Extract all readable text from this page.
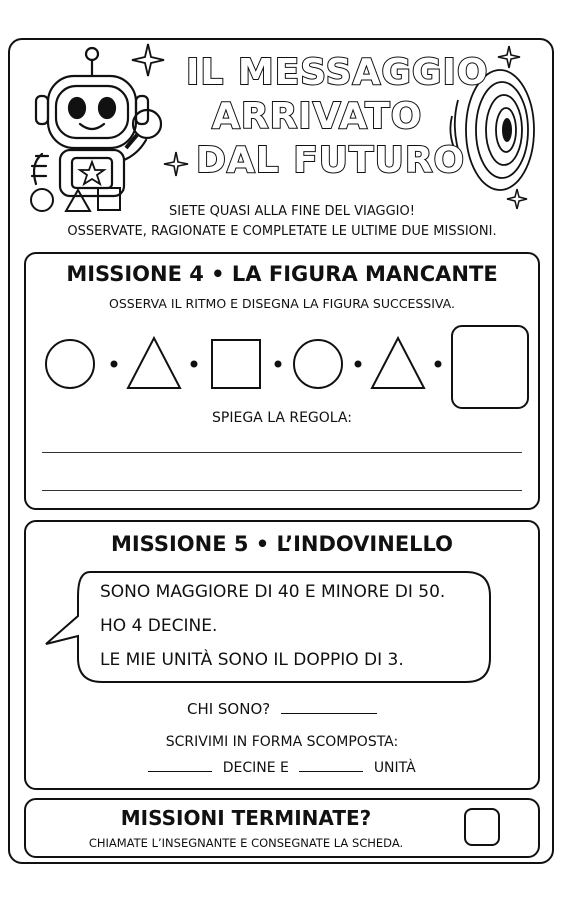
IL MESSAGGIO
ARRIVATO
DAL FUTURO
SIETE QUASI ALLA FINE DEL VIAGGIO!
OSSERVATE, RAGIONATE E COMPLETATE LE ULTIME DUE MISSIONI.
MISSIONE 4 • LA FIGURA MANCANTE
OSSERVA IL RITMO E DISEGNA LA FIGURA SUCCESSIVA.
SPIEGA LA REGOLA:
MISSIONE 5 • L’INDOVINELLO
SONO MAGGIORE DI 40 E MINORE DI 50.
HO 4 DECINE.
LE MIE UNITÀ SONO IL DOPPIO DI 3.
CHI SONO?
SCRIVIMI IN FORMA SCOMPOSTA:
DECINE E	UNITÀ
MISSIONI TERMINATE?
CHIAMATE L’INSEGNANTE E CONSEGNATE LA SCHEDA.
